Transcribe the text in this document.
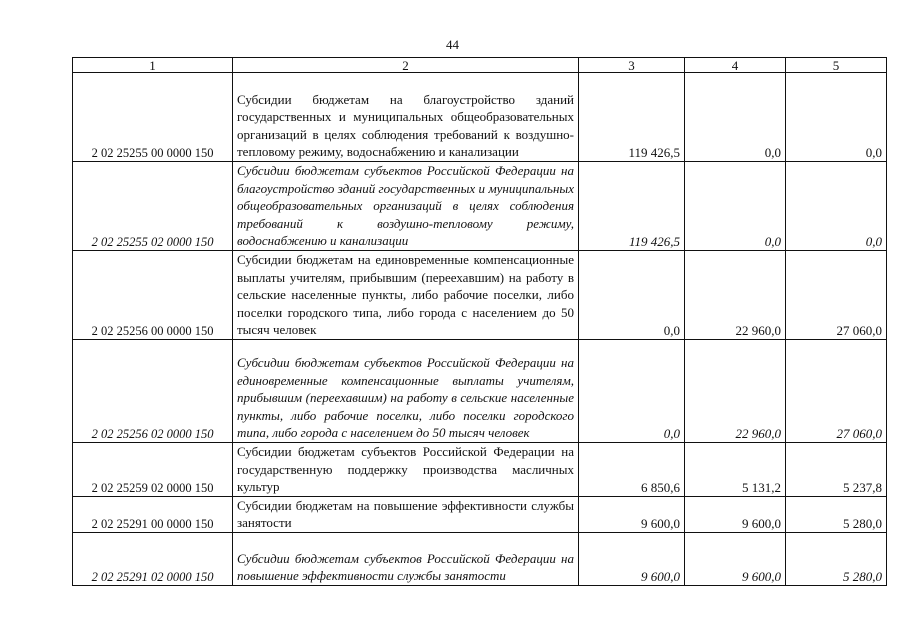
44
1	2	3	4	5
2 02 25255 00 0000 150	Субсидии бюджетам на благоустройство зданий государственных и муниципальных общеобразовательных организаций в целях соблюдения требований к воздушно-тепловому режиму, водоснабжению и канализации	119 426,5	0,0	0,0
2 02 25255 02 0000 150	Субсидии бюджетам субъектов Российской Федерации на благоустройство зданий государственных и муниципальных общеобразовательных организаций в целях соблюдения требований к воздушно-тепловому режиму, водоснабжению и канализации	119 426,5	0,0	0,0
2 02 25256 00 0000 150	Субсидии бюджетам на единовременные компенсационные выплаты учителям, прибывшим (переехавшим) на работу в сельские населенные пункты, либо рабочие поселки, либо поселки городского типа, либо города с населением до 50 тысяч человек	0,0	22 960,0	27 060,0
2 02 25256 02 0000 150	Субсидии бюджетам субъектов Российской Федерации на единовременные компенсационные выплаты учителям, прибывшим (переехавшим) на работу в сельские населенные пункты, либо рабочие поселки, либо поселки городского типа, либо города с населением до 50 тысяч человек	0,0	22 960,0	27 060,0
2 02 25259 02 0000 150	Субсидии бюджетам субъектов Российской Федерации на государственную поддержку производства масличных культур	6 850,6	5 131,2	5 237,8
2 02 25291 00 0000 150	Субсидии бюджетам на повышение эффективности службы занятости	9 600,0	9 600,0	5 280,0
2 02 25291 02 0000 150	Субсидии бюджетам субъектов Российской Федерации на повышение эффективности службы занятости	9 600,0	9 600,0	5 280,0
